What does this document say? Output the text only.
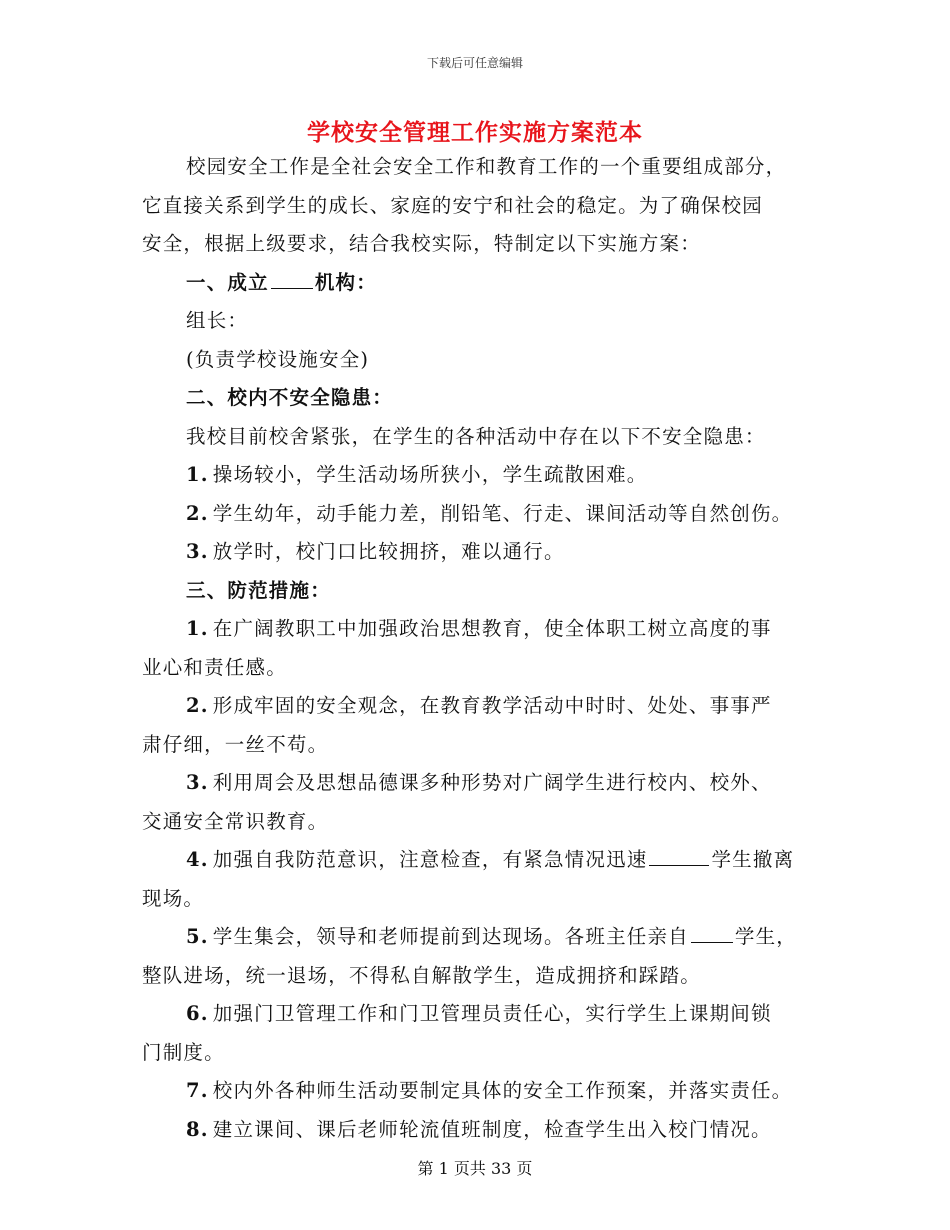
下载后可任意编辑
学校安全管理工作实施方案范本
校园安全工作是全社会安全工作和教育工作的一个重要组成部分，
它直接关系到学生的成长、家庭的安宁和社会的稳定。为了确保校园
安全，根据上级要求，结合我校实际，特制定以下实施方案：
一、成立 机构：
组长：
(负责学校设施安全)
二、校内不安全隐患：
我校目前校舍紧张，在学生的各种活动中存在以下不安全隐患：
1. 操场较小，学生活动场所狭小，学生疏散困难。
2. 学生幼年，动手能力差，削铅笔、行走、课间活动等自然创伤。
3. 放学时，校门口比较拥挤，难以通行。
三、防范措施：
1. 在广阔教职工中加强政治思想教育，使全体职工树立高度的事
业心和责任感。
2. 形成牢固的安全观念，在教育教学活动中时时、处处、事事严
肃仔细，一丝不苟。
3. 利用周会及思想品德课多种形势对广阔学生进行校内、校外、
交通安全常识教育。
4. 加强自我防范意识，注意检查，有紧急情况迅速	学生撤离
现场。
5. 学生集会，领导和老师提前到达现场。各班主任亲自 学生，
整队进场，统一退场，不得私自解散学生，造成拥挤和踩踏。
6. 加强门卫管理工作和门卫管理员责任心，实行学生上课期间锁
门制度。
7. 校内外各种师生活动要制定具体的安全工作预案，并落实责任。
8. 建立课间、课后老师轮流值班制度，检查学生出入校门情况。
第 1 页共 33 页
